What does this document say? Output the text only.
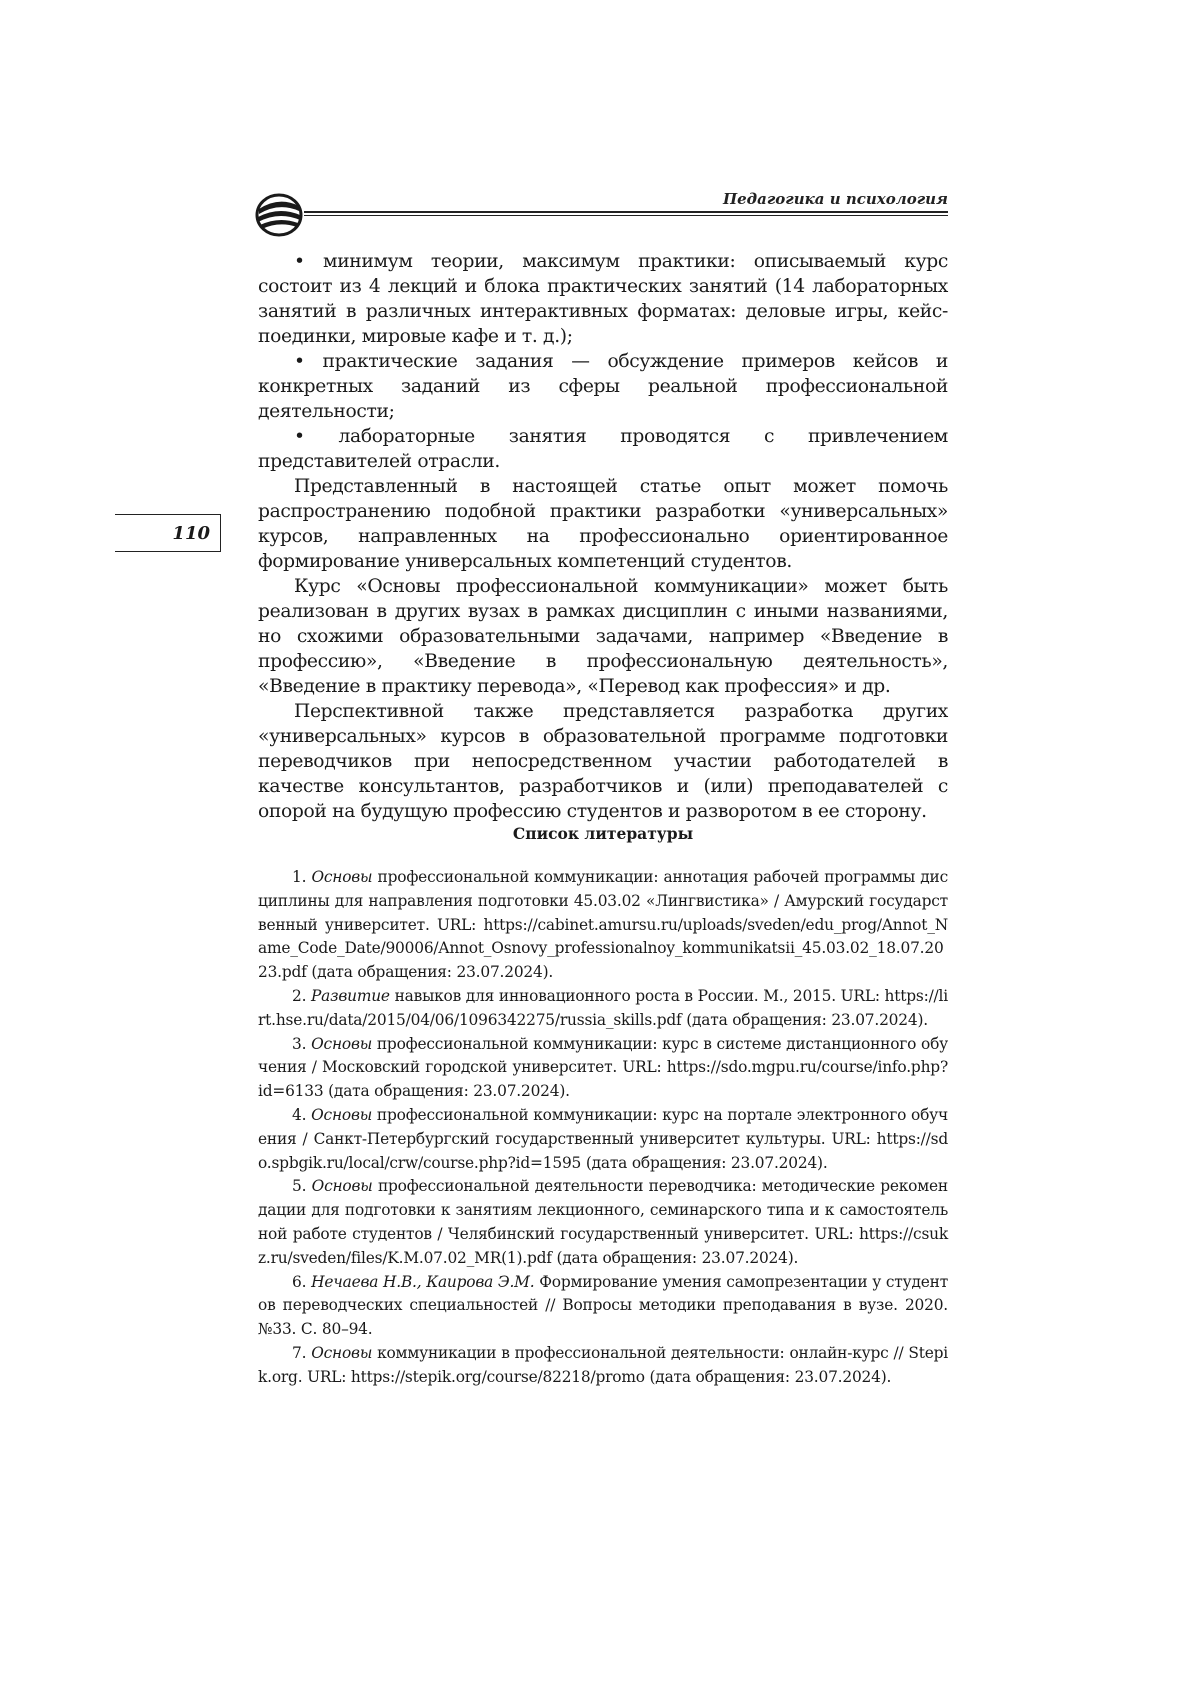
Педагогика и психология
110

• минимум теории, максимум практики: описываемый курс состоит из 4 лекций и блока практических занятий (14 лабораторных занятий в различных интерактивных форматах: деловые игры, кейс-поединки, мировые кафе и т. д.);

• практические задания — обсуждение примеров кейсов и конкретных заданий из сферы реальной профессиональной деятельности;

• лабораторные занятия проводятся с привлечением представителей отрасли.

Представленный в настоящей статье опыт может помочь распространению подобной практики разработки «универсальных» курсов, направленных на профессионально ориентированное формирование универсальных компетенций студентов.

Курс «Основы профессиональной коммуникации» может быть реализован в других вузах в рамках дисциплин с иными названиями, но схожими образовательными задачами, например «Введение в профессию», «Введение в профессиональную деятельность», «Введение в практику перевода», «Перевод как профессия» и др.

Перспективной также представляется разработка других «универсальных» курсов в образовательной программе подготовки переводчиков при непосредственном участии работодателей в качестве консультантов, разработчиков и (или) преподавателей с опорой на будущую профессию студентов и разворотом в ее сторону.

Список литературы

1. Основы профессиональной коммуникации: аннотация рабочей программы дисциплины для направления подготовки 45.03.02 «Лингвистика» / Амурский государственный университет. URL: https://cabinet.amursu.ru/uploads/sveden/edu_prog/Annot_Name_Code_Date/90006/Annot_Osnovy_professionalnoy_kommunikatsii_45.03.02_18.07.2023.pdf (дата обращения: 23.07.2024).

2. Развитие навыков для инновационного роста в России. М., 2015. URL: https://lirt.hse.ru/data/2015/04/06/1096342275/russia_skills.pdf (дата обращения: 23.07.2024).

3. Основы профессиональной коммуникации: курс в системе дистанционного обучения / Московский городской университет. URL: https://sdo.mgpu.ru/course/info.php?id=6133 (дата обращения: 23.07.2024).

4. Основы профессиональной коммуникации: курс на портале электронного обучения / Санкт-Петербургский государственный университет культуры. URL: https://sdo.spbgik.ru/local/crw/course.php?id=1595 (дата обращения: 23.07.2024).

5. Основы профессиональной деятельности переводчика: методические рекомендации для подготовки к занятиям лекционного, семинарского типа и к самостоятельной работе студентов / Челябинский государственный университет. URL: https://csukz.ru/sveden/files/K.M.07.02_MR(1).pdf (дата обращения: 23.07.2024).

6. Нечаева Н.В., Каирова Э.М. Формирование умения самопрезентации у студентов переводческих специальностей // Вопросы методики преподавания в вузе. 2020. №33. С. 80–94.

7. Основы коммуникации в профессиональной деятельности: онлайн-курс // Stepik.org. URL: https://stepik.org/course/82218/promo (дата обращения: 23.07.2024).
